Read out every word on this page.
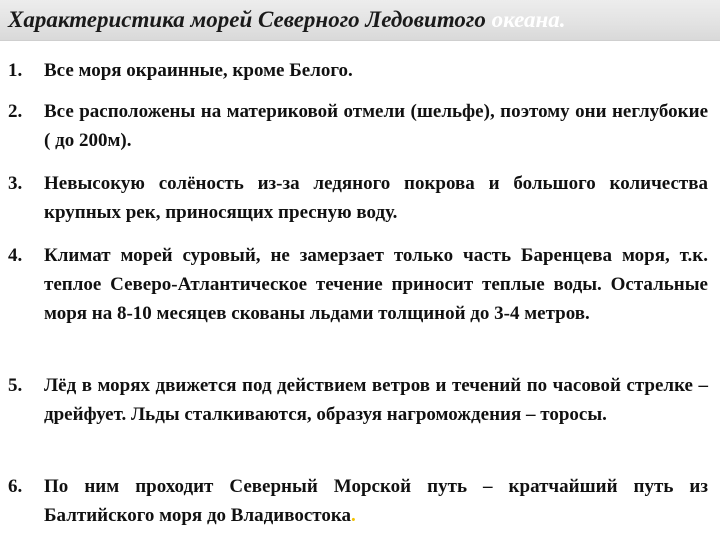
Характеристика морей Северного Ледовитого океана.
1.	Все моря окраинные, кроме Белого.
2.	Все расположены на материковой отмели (шельфе), поэтому они неглубокие ( до 200м).
3.	Невысокую солёность из-за ледяного покрова и большого количества крупных рек, приносящих пресную воду.
4.	Климат морей суровый, не замерзает только часть Баренцева моря, т.к. теплое Северо-Атлантическое течение приносит теплые воды. Остальные моря на 8-10 месяцев скованы льдами толщиной до 3-4 метров.
5.	Лёд в морях движется под действием ветров и течений по часовой стрелке – дрейфует. Льды сталкиваются, образуя нагромождения – торосы.
6.	По ним проходит Северный Морской путь – кратчайший путь из Балтийского моря до Владивостока.
